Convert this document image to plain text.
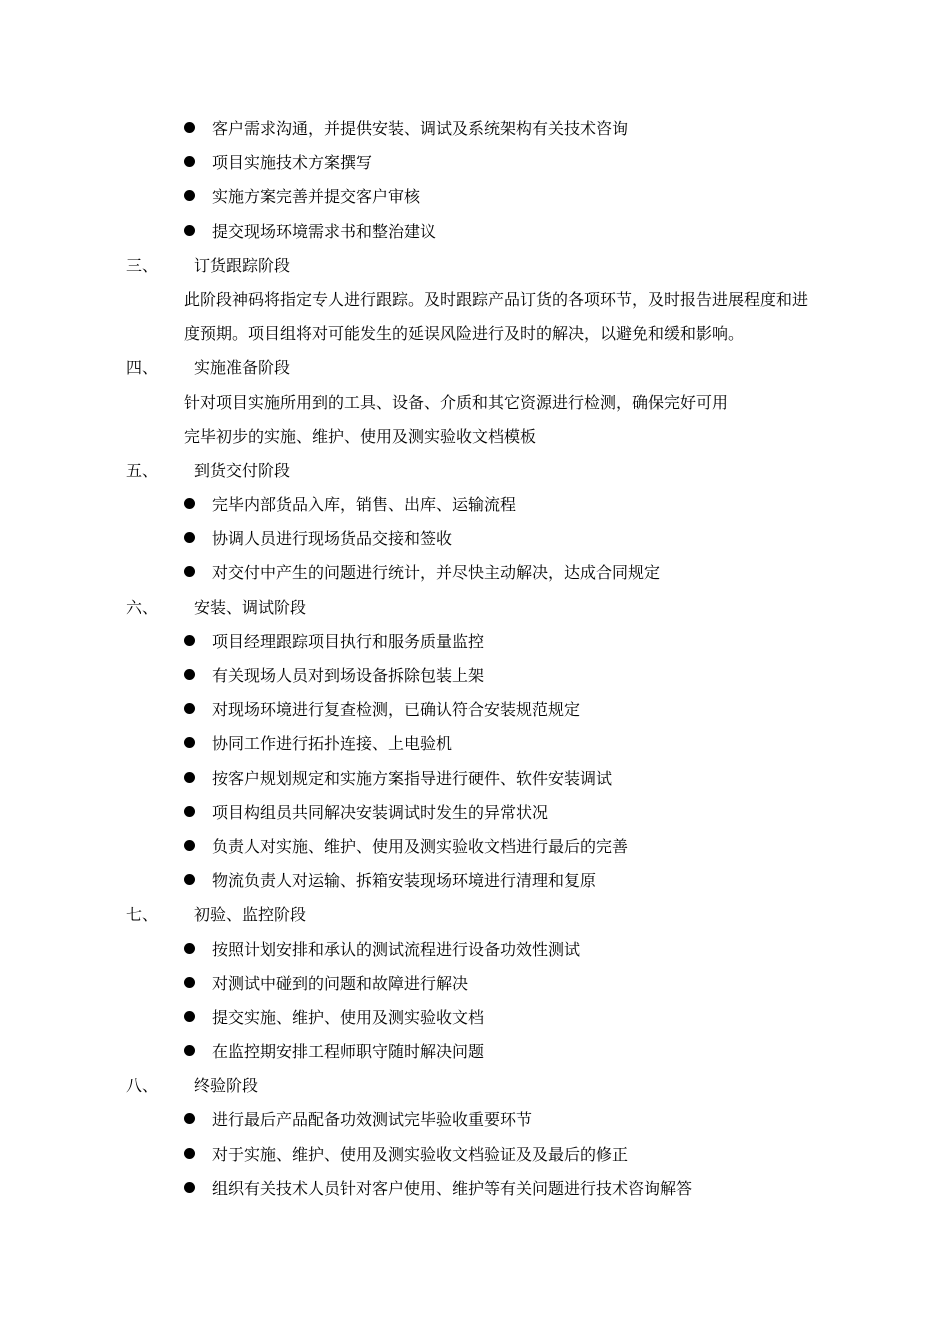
客户需求沟通，并提供安装、调试及系统架构有关技术咨询
项目实施技术方案撰写
实施方案完善并提交客户审核
提交现场环境需求书和整治建议
三、 订货跟踪阶段
此阶段神码将指定专人进行跟踪。及时跟踪产品订货的各项环节，及时报告进展程度和进
度预期。项目组将对可能发生的延误风险进行及时的解决，以避免和缓和影响。
四、 实施准备阶段
针对项目实施所用到的工具、设备、介质和其它资源进行检测，确保完好可用
完毕初步的实施、维护、使用及测实验收文档模板
五、 到货交付阶段
完毕内部货品入库，销售、出库、运输流程
协调人员进行现场货品交接和签收
对交付中产生的问题进行统计，并尽快主动解决，达成合同规定
六、 安装、调试阶段
项目经理跟踪项目执行和服务质量监控
有关现场人员对到场设备拆除包装上架
对现场环境进行复查检测，已确认符合安装规范规定
协同工作进行拓扑连接、上电验机
按客户规划规定和实施方案指导进行硬件、软件安装调试
项目构组员共同解决安装调试时发生的异常状况
负责人对实施、维护、使用及测实验收文档进行最后的完善
物流负责人对运输、拆箱安装现场环境进行清理和复原
七、 初验、监控阶段
按照计划安排和承认的测试流程进行设备功效性测试
对测试中碰到的问题和故障进行解决
提交实施、维护、使用及测实验收文档
在监控期安排工程师职守随时解决问题
八、 终验阶段
进行最后产品配备功效测试完毕验收重要环节
对于实施、维护、使用及测实验收文档验证及及最后的修正
组织有关技术人员针对客户使用、维护等有关问题进行技术咨询解答
